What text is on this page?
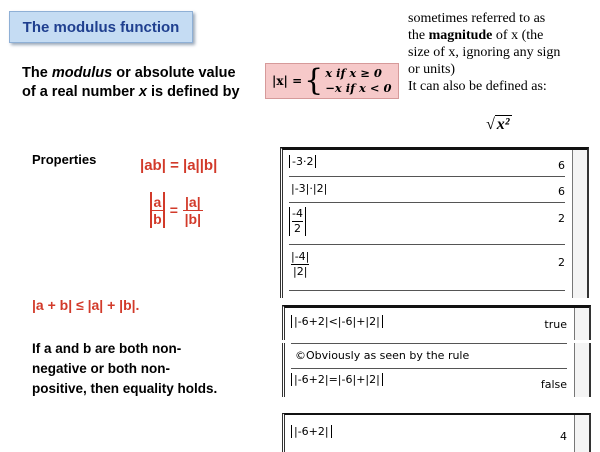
The modulus function
The modulus or absolute value
of a real number x is defined by
|x| = { x if x ≥ 0
−x if x < 0
sometimes referred to as
the magnitude of x (the
size of x, ignoring any sign
or units)
It can also be defined as:
√ x²
Properties	|ab| = |a||b|
$\frac{a}{b} = \frac{|a|}{|b|}$
|a + b| ≤ |a| + |b|.
If a and b are both non-
negative or both non-
positive, then equality holds.
-3·2	6
|-3|·|2|	6
$\frac{-4}{2}$	2
$\frac{|-4|}{|2|}$	2
|-6+2|<|-6|+|2|	true
©Obviously as seen by the rule
|-6+2|=|-6|+|2|	false
|-6+2|	4
